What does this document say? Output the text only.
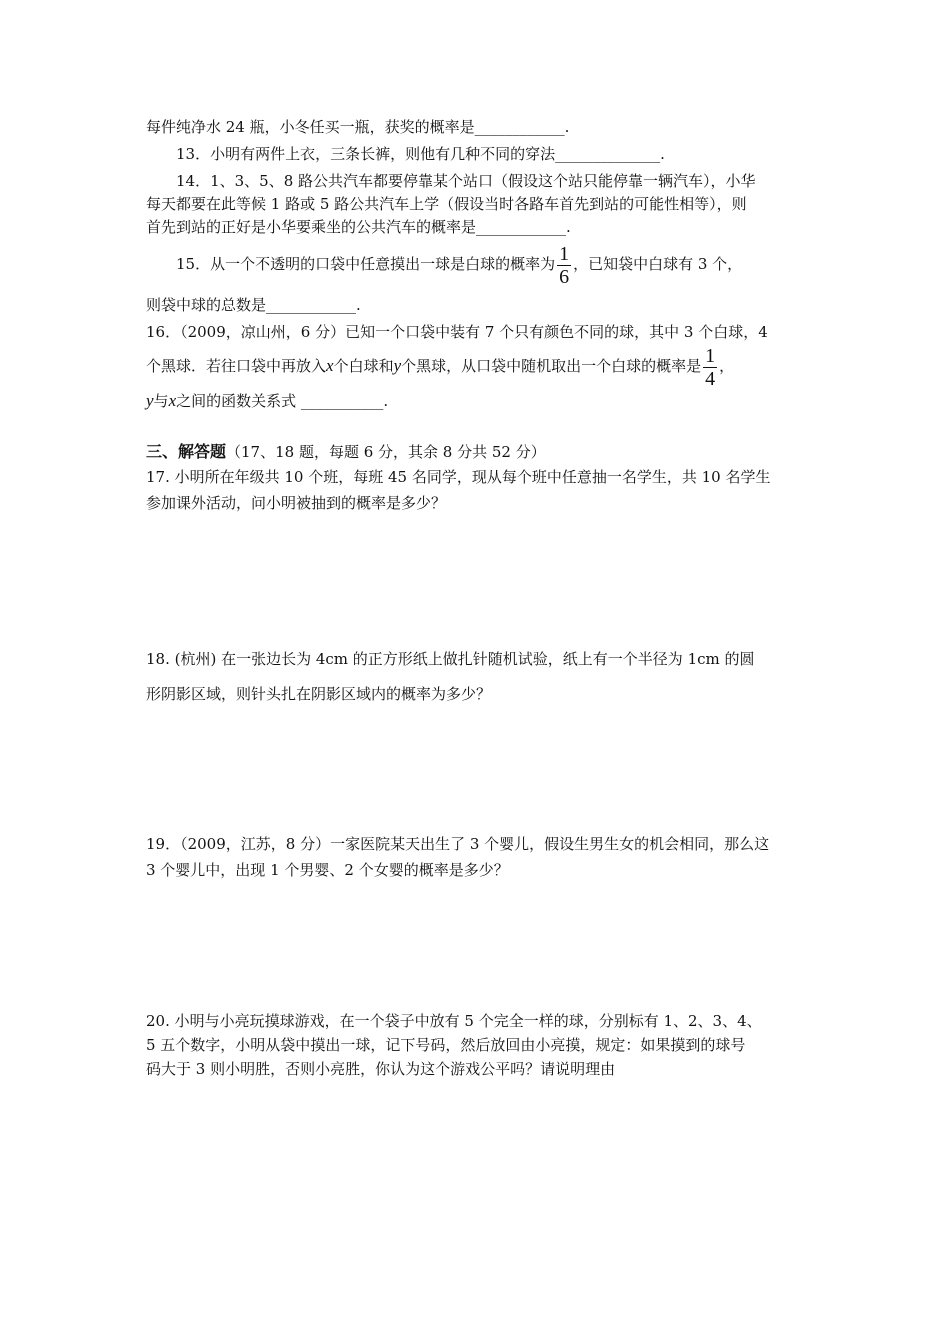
每件纯净水 24 瓶，小冬任买一瓶，获奖的概率是____________.
13．小明有两件上衣，三条长裤，则他有几种不同的穿法______________.
14．1、3、5、8 路公共汽车都要停靠某个站口（假设这个站只能停靠一辆汽车），小华
每天都要在此等候 1 路或 5 路公共汽车上学（假设当时各路车首先到站的可能性相等），则
首先到站的正好是小华要乘坐的公共汽车的概率是____________.
15．从一个不透明的口袋中任意摸出一球是白球的概率为 $\frac{1}{6}$ ，已知袋中白球有 3 个，
则袋中球的总数是____________.
16．（2009，凉山州，6 分）已知一个口袋中装有 7 个只有颜色不同的球，其中 3 个白球，4
个黑球．若往口袋中再放入x个白球和y个黑球，从口袋中随机取出一个白球的概率是 $\frac{1}{4}$ ，
y与x之间的函数关系式 ___________.
三、解答题（17、18 题，每题 6 分，其余 8 分共 52 分）
17. 小明所在年级共 10 个班，每班 45 名同学，现从每个班中任意抽一名学生，共 10 名学生
参加课外活动，问小明被抽到的概率是多少？
18. (杭州) 在一张边长为 4cm 的正方形纸上做扎针随机试验，纸上有一个半径为 1cm 的圆
形阴影区域，则针头扎在阴影区域内的概率为多少？
19．（2009，江苏，8 分）一家医院某天出生了 3 个婴儿，假设生男生女的机会相同，那么这
3 个婴儿中，出现 1 个男婴、2 个女婴的概率是多少？
20. 小明与小亮玩摸球游戏，在一个袋子中放有 5 个完全一样的球，分别标有 1、2、3、4、
5 五个数字，小明从袋中摸出一球，记下号码，然后放回由小亮摸，规定：如果摸到的球号
码大于 3 则小明胜，否则小亮胜，你认为这个游戏公平吗？请说明理由
